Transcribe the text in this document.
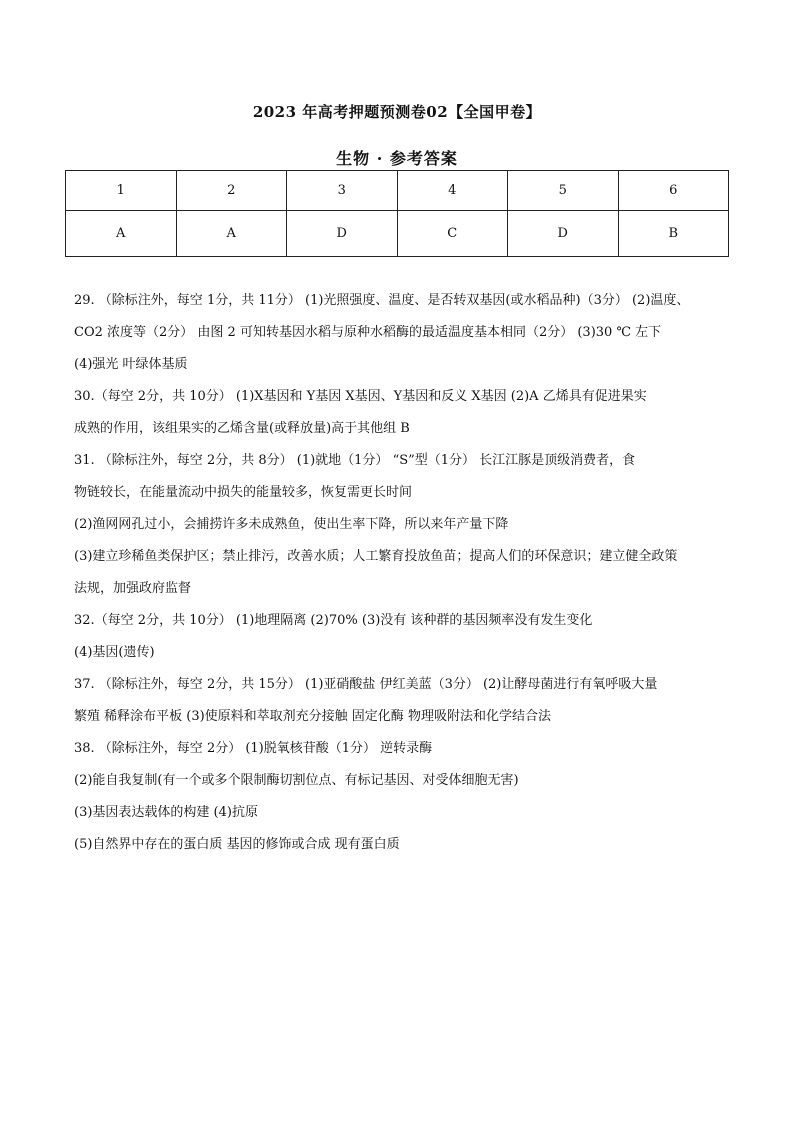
2023 年高考押题预测卷02【全国甲卷】
生物 · 参考答案
1	2	3	4	5	6
A	A	D	C	D	B
29. （除标注外，每空 1分，共 11分） (1)光照强度、温度、是否转双基因(或水稻品种)（3分） (2)温度、
CO2 浓度等（2分） 由图 2 可知转基因水稻与原种水稻酶的最适温度基本相同（2分） (3)30 ℃ 左下
(4)强光 叶绿体基质
30.（每空 2分，共 10分） (1)X基因和 Y基因 X基因、Y基因和反义 X基因 (2)A 乙烯具有促进果实
成熟的作用，该组果实的乙烯含量(或释放量)高于其他组 B
31. （除标注外，每空 2分，共 8分） (1)就地（1分） “S”型（1分） 长江江豚是顶级消费者，食
物链较长，在能量流动中损失的能量较多，恢复需更长时间
(2)渔网网孔过小，会捕捞许多未成熟鱼，使出生率下降，所以来年产量下降
(3)建立珍稀鱼类保护区；禁止排污，改善水质；人工繁育投放鱼苗；提高人们的环保意识；建立健全政策
法规，加强政府监督
32.（每空 2分，共 10分） (1)地理隔离 (2)70% (3)没有 该种群的基因频率没有发生变化
(4)基因(遗传)
37. （除标注外，每空 2分，共 15分） (1)亚硝酸盐 伊红美蓝（3分） (2)让酵母菌进行有氧呼吸大量
繁殖 稀释涂布平板 (3)使原料和萃取剂充分接触 固定化酶 物理吸附法和化学结合法
38. （除标注外，每空 2分） (1)脱氧核苷酸（1分） 逆转录酶
(2)能自我复制(有一个或多个限制酶切割位点、有标记基因、对受体细胞无害)
(3)基因表达载体的构建 (4)抗原
(5)自然界中存在的蛋白质 基因的修饰或合成 现有蛋白质
